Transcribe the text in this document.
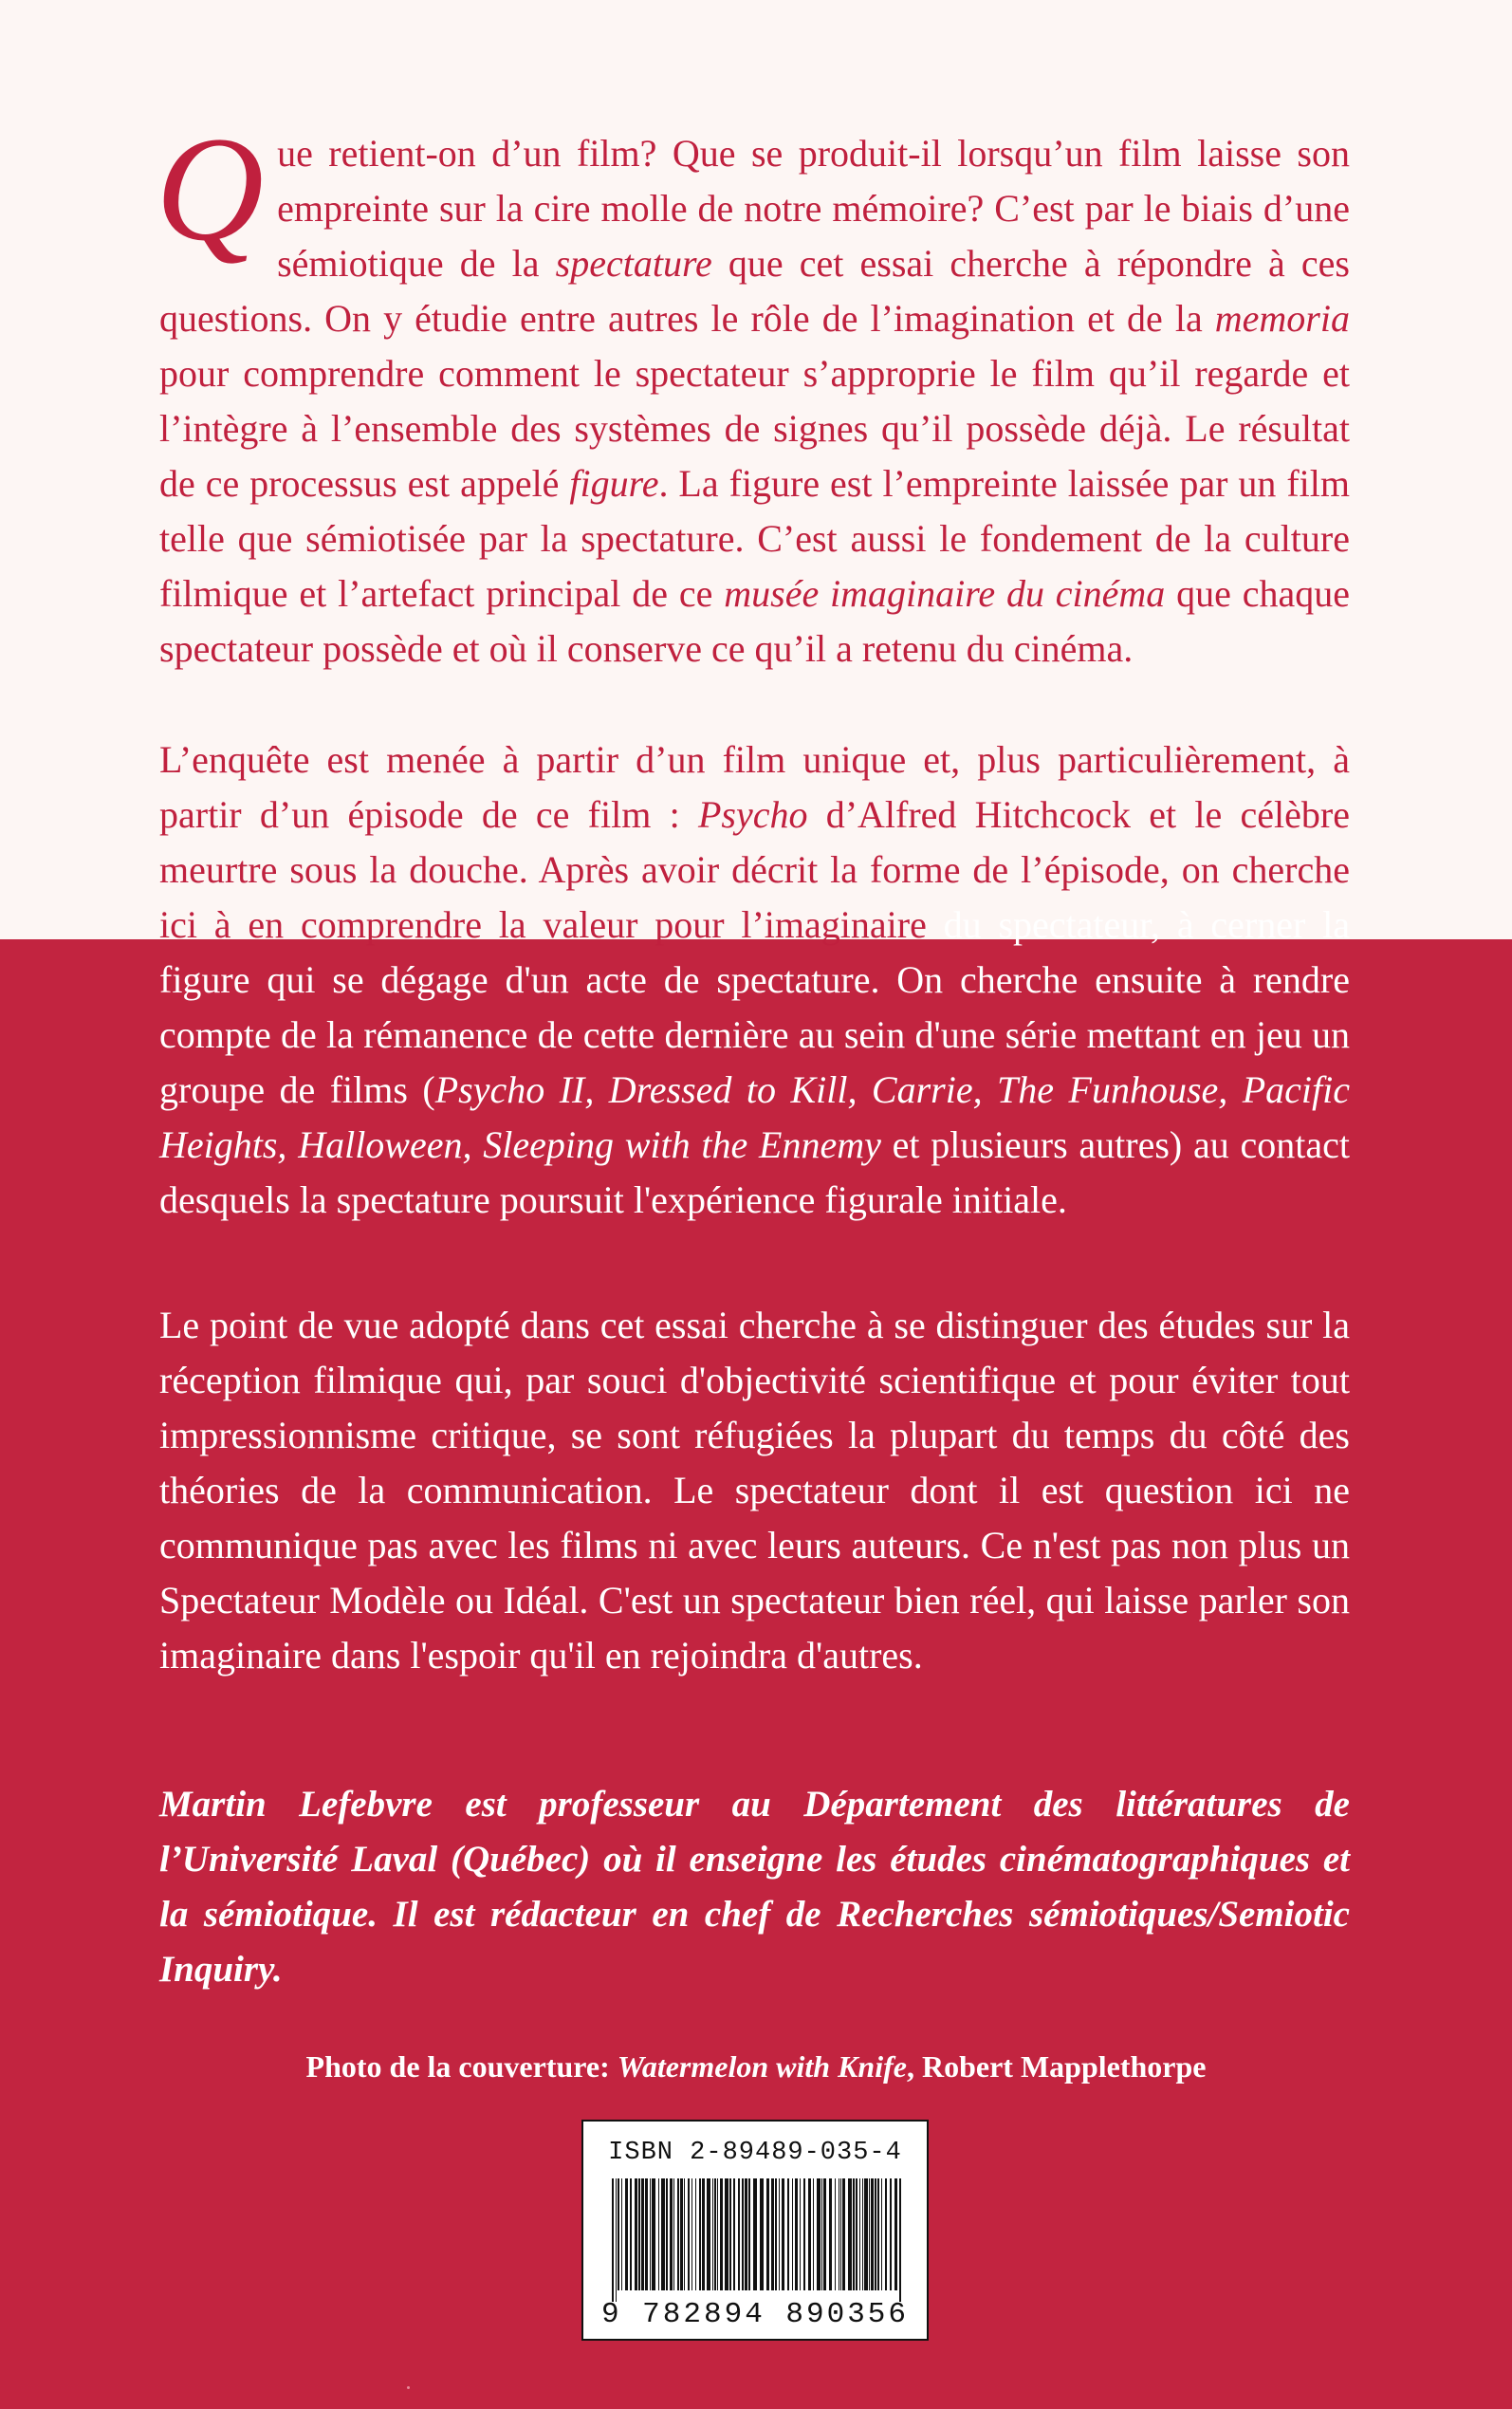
Que retient-on d’un film? Que se produit-il lorsqu’un film laisse son empreinte sur la cire molle de notre mémoire? C’est par le biais d’une sémiotique de la spectature que cet essai cherche à répondre à ces questions. On y étudie entre autres le rôle de l’imagination et de la memoria pour comprendre comment le spectateur s’approprie le film qu’il regarde et l’intègre à l’ensemble des systèmes de signes qu’il possède déjà. Le résultat de ce processus est appelé figure. La figure est l’empreinte laissée par un film telle que sémiotisée par la spectature. C’est aussi le fondement de la culture filmique et l’artefact principal de ce musée imaginaire du cinéma que chaque spectateur possède et où il conserve ce qu’il a retenu du cinéma.

L’enquête est menée à partir d’un film unique et, plus particulièrement, à partir d’un épisode de ce film : Psycho d’Alfred Hitchcock et le célèbre meurtre sous la douche. Après avoir décrit la forme de l’épisode, on cherche ici à en comprendre la valeur pour l’imaginaire du spectateur, à cerner la figure qui se dégage d'un acte de spectature. On cherche ensuite à rendre compte de la rémanence de cette dernière au sein d'une série mettant en jeu un groupe de films (Psycho II, Dressed to Kill, Carrie, The Funhouse, Pacific Heights, Halloween, Sleeping with the Ennemy et plusieurs autres) au contact desquels la spectature poursuit l'expérience figurale initiale.

Le point de vue adopté dans cet essai cherche à se distinguer des études sur la réception filmique qui, par souci d'objectivité scientifique et pour éviter tout impressionnisme critique, se sont réfugiées la plupart du temps du côté des théories de la communication. Le spectateur dont il est question ici ne communique pas avec les films ni avec leurs auteurs. Ce n'est pas non plus un Spectateur Modèle ou Idéal. C'est un spectateur bien réel, qui laisse parler son imaginaire dans l'espoir qu'il en rejoindra d'autres.

Martin Lefebvre est professeur au Département des littératures de l’Université Laval (Québec) où il enseigne les études cinématographiques et la sémiotique. Il est rédacteur en chef de Recherches sémiotiques/Semiotic Inquiry.

Photo de la couverture: Watermelon with Knife, Robert Mapplethorpe
ISBN 2-89489-035-4
9 782894 890356
